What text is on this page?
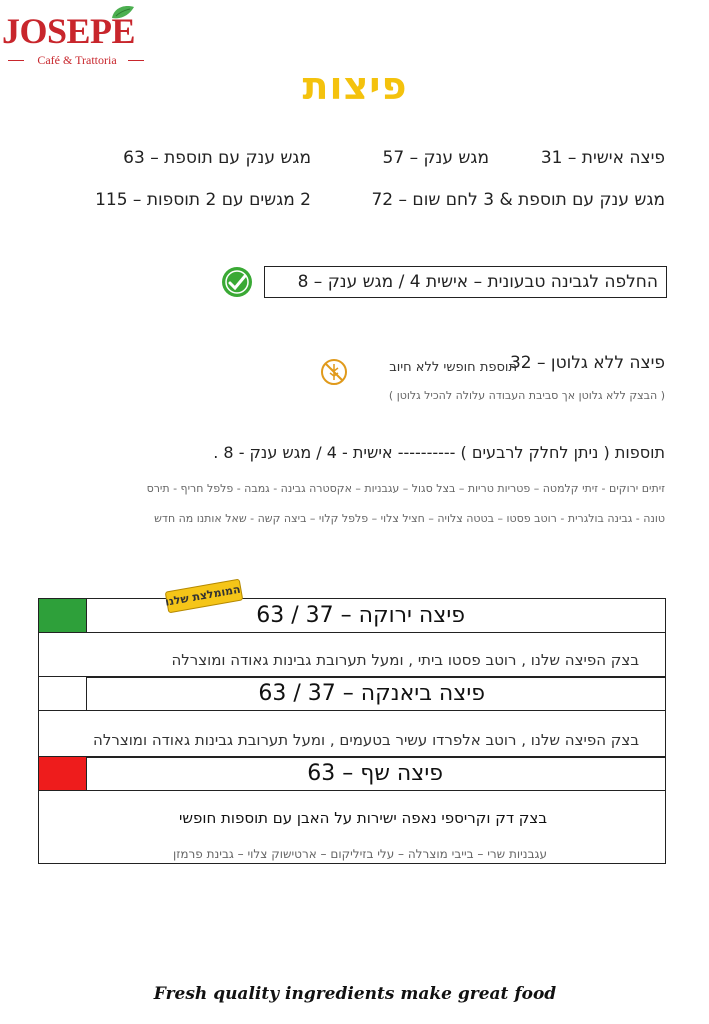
JOSEPE
Café & Trattoria
פיצות
פיצה אישית – 31
מגש ענק – 57
מגש ענק עם תוספת – 63
מגש ענק עם תוספת & 3 לחם שום – 72
2 מגשים עם 2 תוספות – 115
החלפה לגבינה טבעונית – אישית 4 / מגש ענק – 8
פיצה ללא גלוטן – 32
תוספת חופשי ללא חיוב
( הבצק ללא גלוטן אך סביבת העבודה עלולה להכיל גלוטן )
תוספות ( ניתן לחלק לרבעים ) ---------- אישית - 4 / מגש ענק - 8 .
זיתים ירוקים - זיתי קלמטה – פטריות טריות – בצל סגול – עגבניות – אקסטרה גבינה - גמבה - פלפל חריף - תירס
טונה - גבינה בולגרית - רוטב פסטו – בטטה צלויה – חציל צלוי – פלפל קלוי – ביצה קשה - שאל אותנו מה חדש
פיצה ירוקה – 37 / 63
בצק הפיצה שלנו , רוטב פסטו ביתי , ומעל תערובת גבינות גאודה ומוצרלה
פיצה ביאנקה – 37 / 63
בצק הפיצה שלנו , רוטב אלפרדו עשיר בטעמים , ומעל תערובת גבינות גאודה ומוצרלה
פיצה שף – 63
בצק דק וקריספי נאפה ישירות על האבן עם תוספות חופשי
עגבניות שרי – בייבי מוצרלה – עלי בזיליקום – ארטישוק צלוי – גבינת פרמזן
המומלצת שלנו
Fresh quality ingredients make great food
